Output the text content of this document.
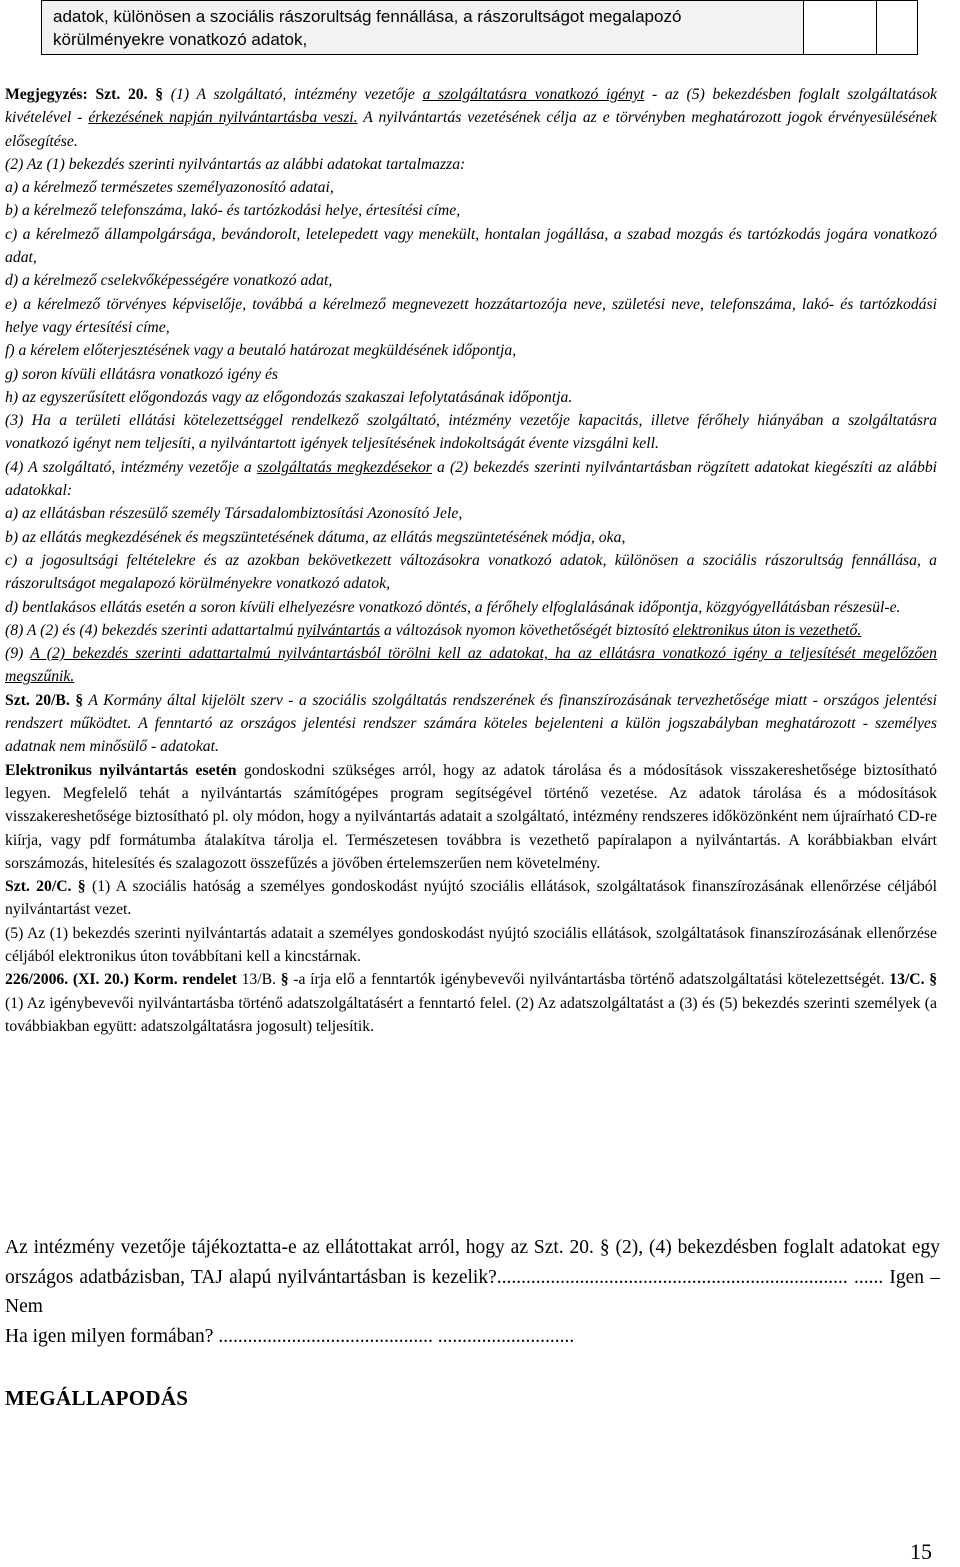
adatok, különösen a szociális rászorultság fennállása, a rászorultságot megalapozó körülményekre vonatkozó adatok,

Megjegyzés: Szt. 20. § (1) A szolgáltató, intézmény vezetője a szolgáltatásra vonatkozó igényt - az (5) bekezdésben foglalt szolgáltatások kivételével - érkezésének napján nyilvántartásba veszi. A nyilvántartás vezetésének célja az e törvényben meghatározott jogok érvényesülésének elősegítése.

(2) Az (1) bekezdés szerinti nyilvántartás az alábbi adatokat tartalmazza:

a) a kérelmező természetes személyazonosító adatai,

b) a kérelmező telefonszáma, lakó- és tartózkodási helye, értesítési címe,

c) a kérelmező állampolgársága, bevándorolt, letelepedett vagy menekült, hontalan jogállása, a szabad mozgás és tartózkodás jogára vonatkozó adat,

d) a kérelmező cselekvőképességére vonatkozó adat,

e) a kérelmező törvényes képviselője, továbbá a kérelmező megnevezett hozzátartozója neve, születési neve, telefonszáma, lakó- és tartózkodási helye vagy értesítési címe,

f) a kérelem előterjesztésének vagy a beutaló határozat megküldésének időpontja,

g) soron kívüli ellátásra vonatkozó igény és

h) az egyszerűsített előgondozás vagy az előgondozás szakaszai lefolytatásának időpontja.

(3) Ha a területi ellátási kötelezettséggel rendelkező szolgáltató, intézmény vezetője kapacitás, illetve férőhely hiányában a szolgáltatásra vonatkozó igényt nem teljesíti, a nyilvántartott igények teljesítésének indokoltságát évente vizsgálni kell.

(4) A szolgáltató, intézmény vezetője a szolgáltatás megkezdésekor a (2) bekezdés szerinti nyilvántartásban rögzített adatokat kiegészíti az alábbi adatokkal:

a) az ellátásban részesülő személy Társadalombiztosítási Azonosító Jele,

b) az ellátás megkezdésének és megszüntetésének dátuma, az ellátás megszüntetésének módja, oka,

c) a jogosultsági feltételekre és az azokban bekövetkezett változásokra vonatkozó adatok, különösen a szociális rászorultság fennállása, a rászorultságot megalapozó körülményekre vonatkozó adatok,

d) bentlakásos ellátás esetén a soron kívüli elhelyezésre vonatkozó döntés, a férőhely elfoglalásának időpontja, közgyógyellátásban részesül-e.

(8) A (2) és (4) bekezdés szerinti adattartalmú nyilvántartás a változások nyomon követhetőségét biztosító elektronikus úton is vezethető.

(9) A (2) bekezdés szerinti adattartalmú nyilvántartásból törölni kell az adatokat, ha az ellátásra vonatkozó igény a teljesítését megelőzően megszűnik.

Szt. 20/B. § A Kormány által kijelölt szerv - a szociális szolgáltatás rendszerének és finanszírozásának tervezhetősége miatt - országos jelentési rendszert működtet. A fenntartó az országos jelentési rendszer számára köteles bejelenteni a külön jogszabályban meghatározott - személyes adatnak nem minősülő - adatokat.

Elektronikus nyilvántartás esetén gondoskodni szükséges arról, hogy az adatok tárolása és a módosítások visszakereshetősége biztosítható legyen. Megfelelő tehát a nyilvántartás számítógépes program segítségével történő vezetése. Az adatok tárolása és a módosítások visszakereshetősége biztosítható pl. oly módon, hogy a nyilvántartás adatait a szolgáltató, intézmény rendszeres időközönként nem újraírható CD-re kiírja, vagy pdf formátumba átalakítva tárolja el. Természetesen továbbra is vezethető papíralapon a nyilvántartás. A korábbiakban elvárt sorszámozás, hitelesítés és szalagozott összefűzés a jövőben értelemszerűen nem követelmény.

Szt. 20/C. § (1) A szociális hatóság a személyes gondoskodást nyújtó szociális ellátások, szolgáltatások finanszírozásának ellenőrzése céljából nyilvántartást vezet.

(5) Az (1) bekezdés szerinti nyilvántartás adatait a személyes gondoskodást nyújtó szociális ellátások, szolgáltatások finanszírozásának ellenőrzése céljából elektronikus úton továbbítani kell a kincstárnak.

226/2006. (XI. 20.) Korm. rendelet 13/B. § -a írja elő a fenntartók igénybevevői nyilvántartásba történő adatszolgáltatási kötelezettségét. 13/C. § (1) Az igénybevevői nyilvántartásba történő adatszolgáltatásért a fenntartó felel. (2) Az adatszolgáltatást a (3) és (5) bekezdés szerinti személyek (a továbbiakban együtt: adatszolgáltatásra jogosult) teljesítik.

Az intézmény vezetője tájékoztatta-e az ellátottakat arról, hogy az Szt. 20. § (2), (4) bekezdésben foglalt adatokat egy országos adatbázisban, TAJ alapú nyilvántartásban is kezelik?........................................................................ ...... Igen – Nem

Ha igen milyen formában? ............................................ ............................

MEGÁLLAPODÁS
15
